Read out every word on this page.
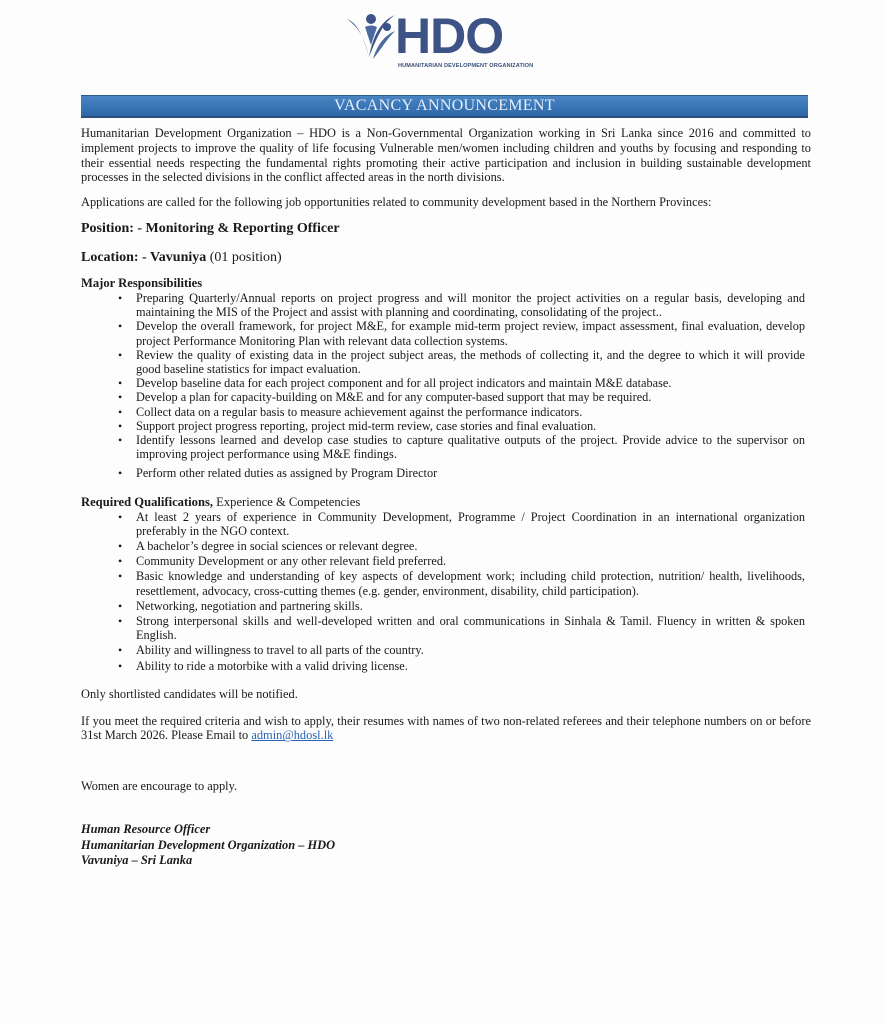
HDO
HUMANITARIAN DEVELOPMENT ORGANIZATION
VACANCY ANNOUNCEMENT

Humanitarian Development Organization – HDO is a Non-Governmental Organization working in Sri Lanka since 2016 and committed to implement projects to improve the quality of life focusing Vulnerable men/women including children and youths by focusing and responding to their essential needs respecting the fundamental rights promoting their active participation and inclusion in building sustainable development processes in the selected divisions in the conflict affected areas in the north divisions.

Applications are called for the following job opportunities related to community development based in the Northern Provinces:

Position: - Monitoring & Reporting Officer
Location: - Vavuniya (01 position)
Major Responsibilities
• Preparing Quarterly/Annual reports on project progress and will monitor the project activities on a regular basis, developing and maintaining the MIS of the Project and assist with planning and coordinating, consolidating of the project..
• Develop the overall framework, for project M&E, for example mid-term project review, impact assessment, final evaluation, develop project Performance Monitoring Plan with relevant data collection systems.
• Review the quality of existing data in the project subject areas, the methods of collecting it, and the degree to which it will provide good baseline statistics for impact evaluation.
• Develop baseline data for each project component and for all project indicators and maintain M&E database.
• Develop a plan for capacity-building on M&E and for any computer-based support that may be required.
• Collect data on a regular basis to measure achievement against the performance indicators.
• Support project progress reporting, project mid-term review, case stories and final evaluation.
• Identify lessons learned and develop case studies to capture qualitative outputs of the project. Provide advice to the supervisor on improving project performance using M&E findings.
• Perform other related duties as assigned by Program Director
Required Qualifications, Experience & Competencies
• At least 2 years of experience in Community Development, Programme / Project Coordination in an international organization preferably in the NGO context.
• A bachelor’s degree in social sciences or relevant degree.
• Community Development or any other relevant field preferred.
• Basic knowledge and understanding of key aspects of development work; including child protection, nutrition/ health, livelihoods, resettlement, advocacy, cross-cutting themes (e.g. gender, environment, disability, child participation).
• Networking, negotiation and partnering skills.
• Strong interpersonal skills and well-developed written and oral communications in Sinhala & Tamil. Fluency in written & spoken English.
• Ability and willingness to travel to all parts of the country.
• Ability to ride a motorbike with a valid driving license.

Only shortlisted candidates will be notified.

If you meet the required criteria and wish to apply, their resumes with names of two non-related referees and their telephone numbers on or before 31st March 2026. Please Email to admin@hdosl.lk

Women are encourage to apply.

Human Resource Officer
Humanitarian Development Organization – HDO
Vavuniya – Sri Lanka
